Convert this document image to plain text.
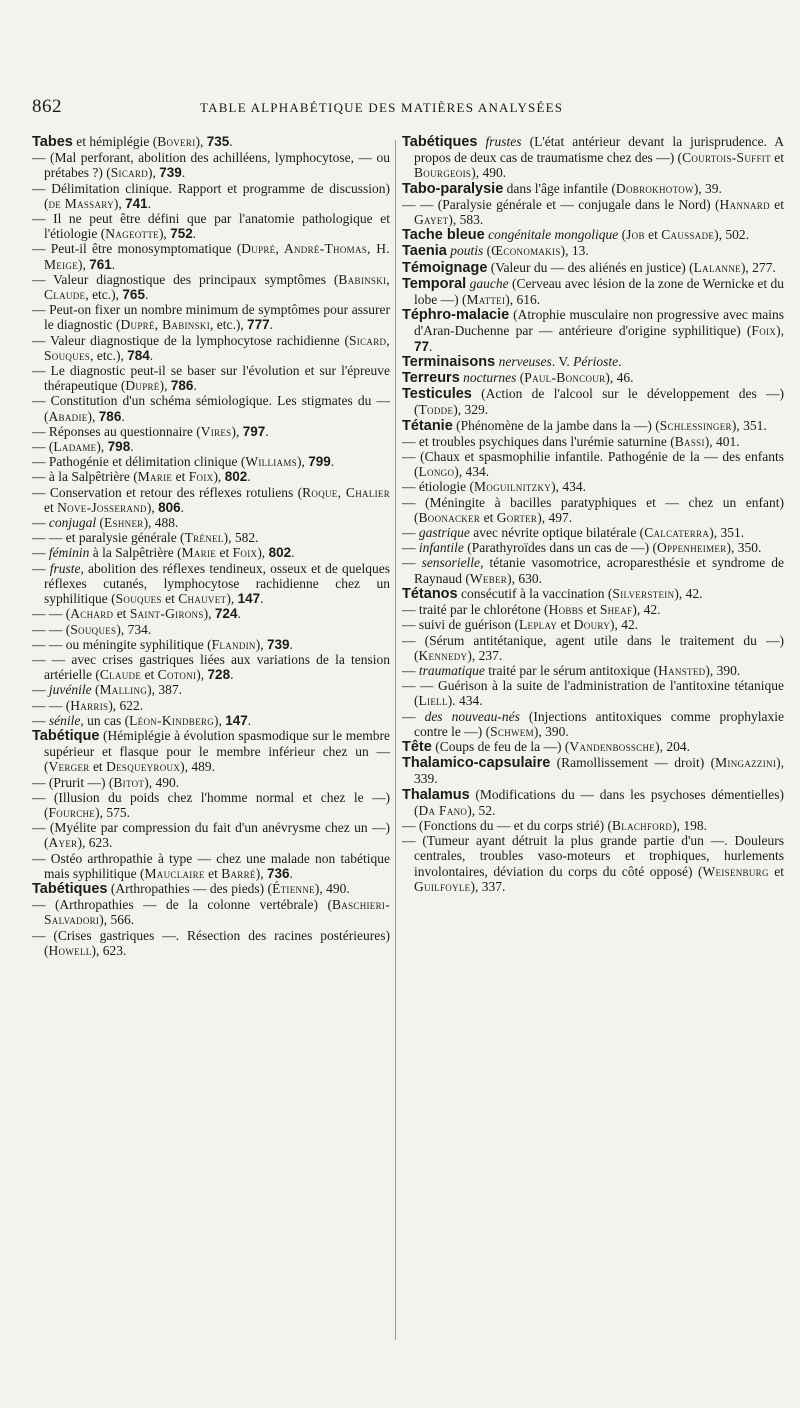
862	TABLE ALPHABÉTIQUE DES MATIÈRES ANALYSÉES

Tabes et hémiplégie (Boveri), 735.

— (Mal perforant, abolition des achilléens, lymphocytose, — ou prétabes ?) (Sicard), 739.

— Délimitation clinique. Rapport et programme de discussion) (de Massary), 741.

— Il ne peut être défini que par l'anatomie pathologique et l'étiologie (Nageotte), 752.

— Peut-il être monosymptomatique (Dupré, André-Thomas, H. Meige), 761.

— Valeur diagnostique des principaux symptômes (Babinski, Claude, etc.), 765.

— Peut-on fixer un nombre minimum de symptômes pour assurer le diagnostic (Dupré, Babinski, etc.), 777.

— Valeur diagnostique de la lymphocytose rachidienne (Sicard, Souques, etc.), 784.

— Le diagnostic peut-il se baser sur l'évolution et sur l'épreuve thérapeutique (Dupré), 786.

— Constitution d'un schéma sémiologique. Les stigmates du — (Abadie), 786.

— Réponses au questionnaire (Vires), 797.

— (Ladame), 798.

— Pathogénie et délimitation clinique (Williams), 799.

— à la Salpêtrière (Marie et Foix), 802.

— Conservation et retour des réflexes rotuliens (Roque, Chalier et Nove-Josserand), 806.

— conjugal (Eshner), 488.

— — et paralysie générale (Trénel), 582.

— féminin à la Salpêtrière (Marie et Foix), 802.

— fruste, abolition des réflexes tendineux, osseux et de quelques réflexes cutanés, lymphocytose rachidienne chez un syphilitique (Souques et Chauvet), 147.

— — (Achard et Saint-Girons), 724.

— — (Souques), 734.

— — ou méningite syphilitique (Flandin), 739.

— — avec crises gastriques liées aux variations de la tension artérielle (Claude et Cotoni), 728.

— juvénile (Malling), 387.

— — (Harris), 622.

— sénile, un cas (Léon-Kindberg), 147.

Tabétique (Hémiplégie à évolution spasmodique sur le membre supérieur et flasque pour le membre inférieur chez un — (Verger et Desqueyroux), 489.

— (Prurit —) (Bitot), 490.

— (Illusion du poids chez l'homme normal et chez le —) (Fourche), 575.

— (Myélite par compression du fait d'un anévrysme chez un —) (Ayer), 623.

— Ostéo arthropathie à type — chez une malade non tabétique mais syphilitique (Mauclaire et Barré), 736.

Tabétiques (Arthropathies — des pieds) (Étienne), 490.

— (Arthropathies — de la colonne vertébrale) (Baschieri-Salvadori), 566.

— (Crises gastriques —. Résection des racines postérieures) (Howell), 623.

Tabétiques frustes (L'état antérieur devant la jurisprudence. A propos de deux cas de traumatisme chez des —) (Courtois-Suffit et Bourgeois), 490.

Tabo-paralysie dans l'âge infantile (Dobrokhotow), 39.

— — (Paralysie générale et — conjugale dans le Nord) (Hannard et Gayet), 583.

Tache bleue congénitale mongolique (Job et Caussade), 502.

Taenia poutis (Œconomakis), 13.

Témoignage (Valeur du — des aliénés en justice) (Lalanne), 277.

Temporal gauche (Cerveau avec lésion de la zone de Wernicke et du lobe —) (Mattei), 616.

Téphro-malacie (Atrophie musculaire non progressive avec mains d'Aran-Duchenne par — antérieure d'origine syphilitique) (Foix), 77.

Terminaisons nerveuses. V. Périoste.

Terreurs nocturnes (Paul-Boncour), 46.

Testicules (Action de l'alcool sur le développement des —) (Todde), 329.

Tétanie (Phénomène de la jambe dans la —) (Schlessinger), 351.

— et troubles psychiques dans l'urémie saturnine (Bassi), 401.

— (Chaux et spasmophilie infantile. Pathogénie de la — des enfants (Longo), 434.

— étiologie (Moguilnitzky), 434.

— (Méningite à bacilles paratyphiques et — chez un enfant) (Boonacker et Gorter), 497.

— gastrique avec névrite optique bilatérale (Calcaterra), 351.

— infantile (Parathyroïdes dans un cas de —) (Oppenheimer), 350.

— sensorielle, tétanie vasomotrice, acroparesthésie et syndrome de Raynaud (Weber), 630.

Tétanos consécutif à la vaccination (Silverstein), 42.

— traité par le chlorétone (Hobbs et Sheaf), 42.

— suivi de guérison (Leplay et Doury), 42.

— (Sérum antitétanique, agent utile dans le traitement du —) (Kennedy), 237.

— traumatique traité par le sérum antitoxique (Hansted), 390.

— — Guérison à la suite de l'administration de l'antitoxine tétanique (Liell). 434.

— des nouveau-nés (Injections antitoxiques comme prophylaxie contre le —) (Schwem), 390.

Tête (Coups de feu de la —) (Vandenbossche), 204.

Thalamico-capsulaire (Ramollissement — droit) (Mingazzini), 339.

Thalamus (Modifications du — dans les psychoses démentielles) (Da Fano), 52.

— (Fonctions du — et du corps strié) (Blachford), 198.

— (Tumeur ayant détruit la plus grande partie d'un —. Douleurs centrales, troubles vaso-moteurs et trophiques, hurlements involontaires, déviation du corps du côté opposé) (Weisenburg et Guilfoyle), 337.
